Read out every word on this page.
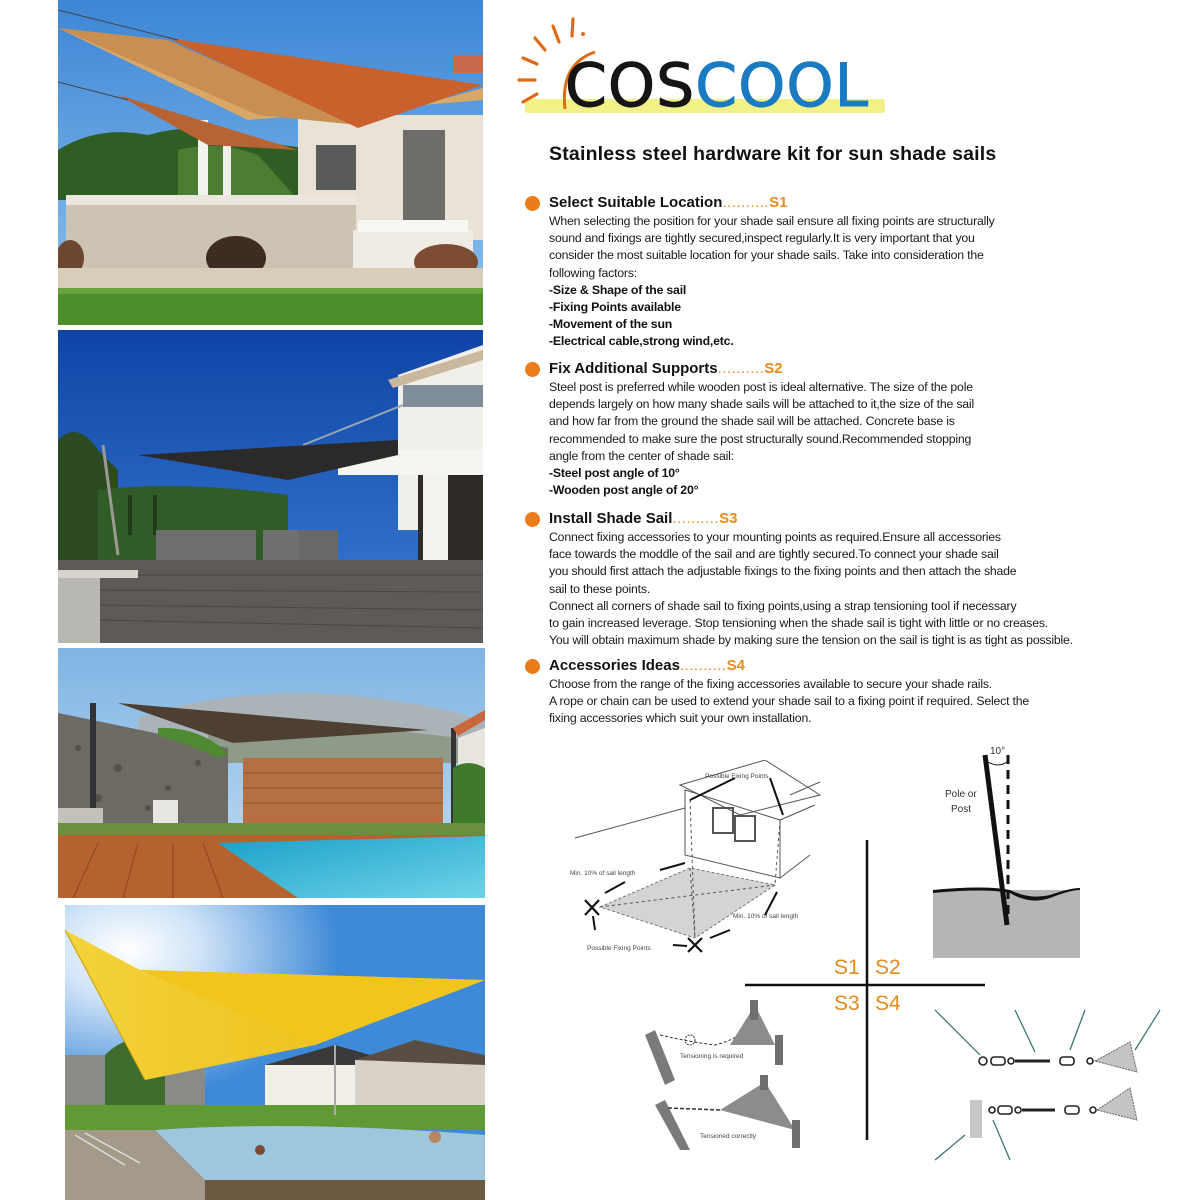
COSCOOL
Stainless steel hardware kit for sun shade sails
Select Suitable Location..........S1

When selecting the position for your shade sail ensure all fixing points are structurally

sound and fixings are tightly secured,inspect regularly.It is very important that you

consider the most suitable location for your shade sails. Take into consideration the

following factors:

-Size & Shape of the sail

-Fixing Points available

-Movement of the sun

-Electrical cable,strong wind,etc.

Fix Additional Supports..........S2

Steel post is preferred while wooden post is ideal alternative. The size of the pole

depends largely on how many shade sails will be attached to it,the size of the sail

and how far from the ground the shade sail will be attached. Concrete base is

recommended to make sure the post structurally sound.Recommended stopping

angle from the center of shade sail:

-Steel post angle of 10°

-Wooden post angle of 20°

Install Shade Sail..........S3

Connect fixing accessories to your mounting points as required.Ensure all accessories

face towards the moddle of the sail and are tightly secured.To connect your shade sail

you should first attach the adjustable fixings to the fixing points and then attach the shade

sail to these points.

Connect all corners of shade sail to fixing points,using a strap tensioning tool if necessary

to gain increased leverage. Stop tensioning when the shade sail is tight with little or no creases.

You will obtain maximum shade by making sure the tension on the sail is tight is as tight as possible.

Accessories Ideas..........S4

Choose from the range of the fixing accessories available to secure your shade rails.

A rope or chain can be used to extend your shade sail to a fixing point if required. Select the

fixing accessories which suit your own installation.

Possible Fixing Points
Min. 10% of sail length
Min. 10% of sail length
Possible Fixing Points
10°
Pole or
Post
S1 S2
S3 S4
Tensioning is required
Tensioned correctly
